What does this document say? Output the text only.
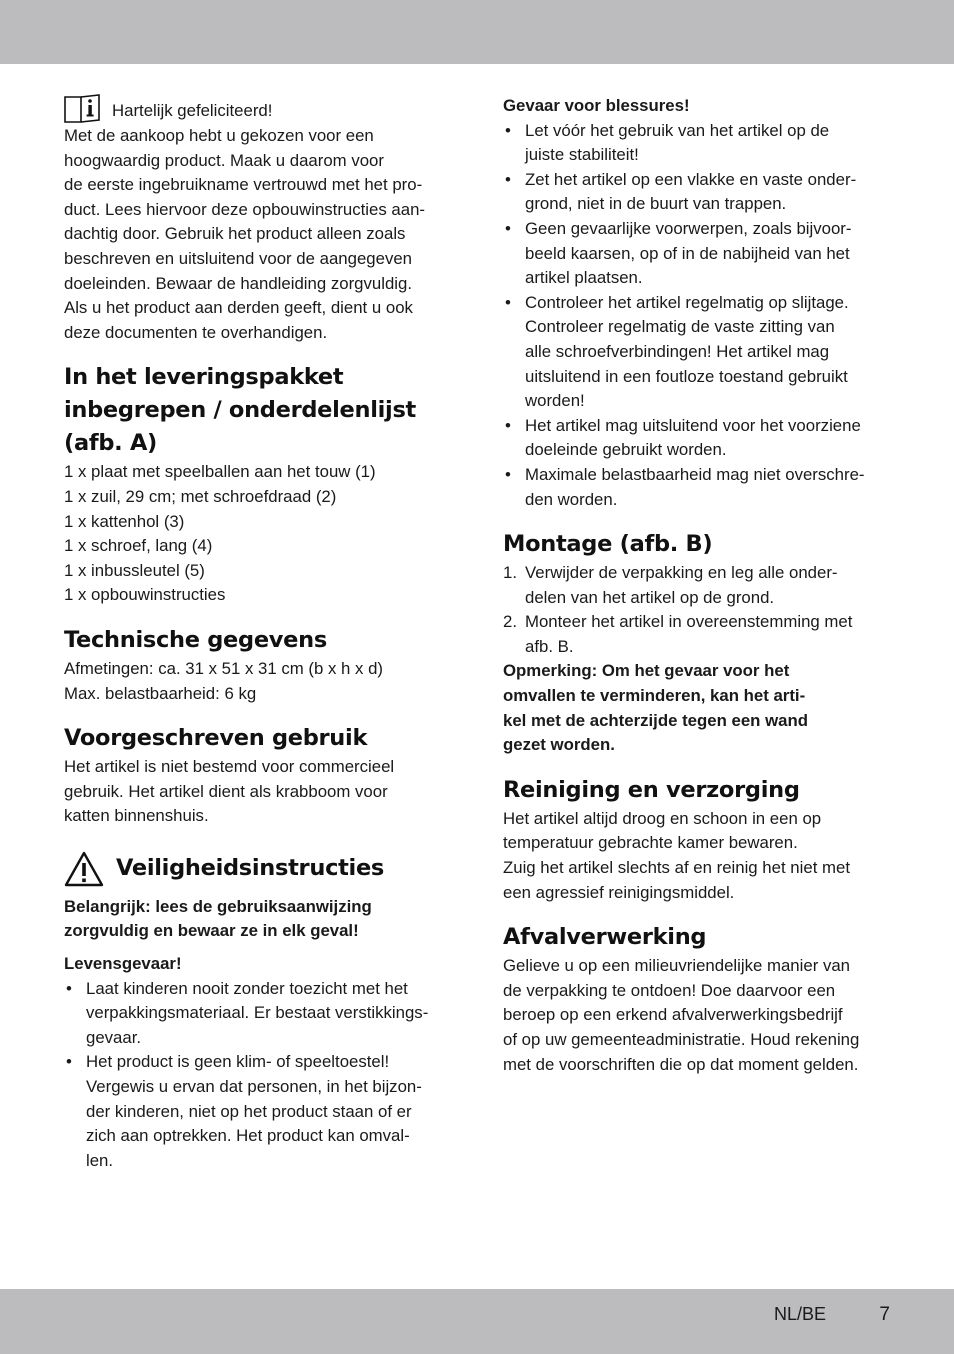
Hartelijk gefeliciteerd!
Met de aankoop hebt u gekozen voor een
hoogwaardig product. Maak u daarom voor
de eerste ingebruikname vertrouwd met het pro-
duct. Lees hiervoor deze opbouwinstructies aan-
dachtig door. Gebruik het product alleen zoals
beschreven en uitsluitend voor de aangegeven
doeleinden. Bewaar de handleiding zorgvuldig.
Als u het product aan derden geeft, dient u ook
deze documenten te overhandigen.
In het leveringspakket
inbegrepen / onderdelenlijst
(afb. A)
1 x plaat met speelballen aan het touw (1)
1 x zuil, 29 cm; met schroefdraad (2)
1 x kattenhol (3)
1 x schroef, lang (4)
1 x inbussleutel (5)
1 x opbouwinstructies
Technische gegevens
Afmetingen: ca. 31 x 51 x 31 cm (b x h x d)
Max. belastbaarheid: 6 kg
Voorgeschreven gebruik
Het artikel is niet bestemd voor commercieel
gebruik. Het artikel dient als krabboom voor
katten binnenshuis.
Veiligheidsinstructies
Belangrijk: lees de gebruiksaanwijzing
zorgvuldig en bewaar ze in elk geval!
Levensgevaar!
• Laat kinderen nooit zonder toezicht met het
verpakkingsmateriaal. Er bestaat verstikkings-
gevaar.
• Het product is geen klim- of speeltoestel!
Vergewis u ervan dat personen, in het bijzon-
der kinderen, niet op het product staan of er
zich aan optrekken. Het product kan omval-
len.
Gevaar voor blessures!
• Let vóór het gebruik van het artikel op de
juiste stabiliteit!
• Zet het artikel op een vlakke en vaste onder-
grond, niet in de buurt van trappen.
• Geen gevaarlijke voorwerpen, zoals bijvoor-
beeld kaarsen, op of in de nabijheid van het
artikel plaatsen.
• Controleer het artikel regelmatig op slijtage.
Controleer regelmatig de vaste zitting van
alle schroefverbindingen! Het artikel mag
uitsluitend in een foutloze toestand gebruikt
worden!
• Het artikel mag uitsluitend voor het voorziene
doeleinde gebruikt worden.
• Maximale belastbaarheid mag niet overschre-
den worden.
Montage (afb. B)
1. Verwijder de verpakking en leg alle onder-
delen van het artikel op de grond.
2. Monteer het artikel in overeenstemming met
afb. B.
Opmerking: Om het gevaar voor het
omvallen te verminderen, kan het arti-
kel met de achterzijde tegen een wand
gezet worden.
Reiniging en verzorging
Het artikel altijd droog en schoon in een op
temperatuur gebrachte kamer bewaren.
Zuig het artikel slechts af en reinig het niet met
een agressief reinigingsmiddel.
Afvalverwerking
Gelieve u op een milieuvriendelijke manier van
de verpakking te ontdoen! Doe daarvoor een
beroep op een erkend afvalverwerkingsbedrijf
of op uw gemeenteadministratie. Houd rekening
met de voorschriften die op dat moment gelden.
NL/BE	7
